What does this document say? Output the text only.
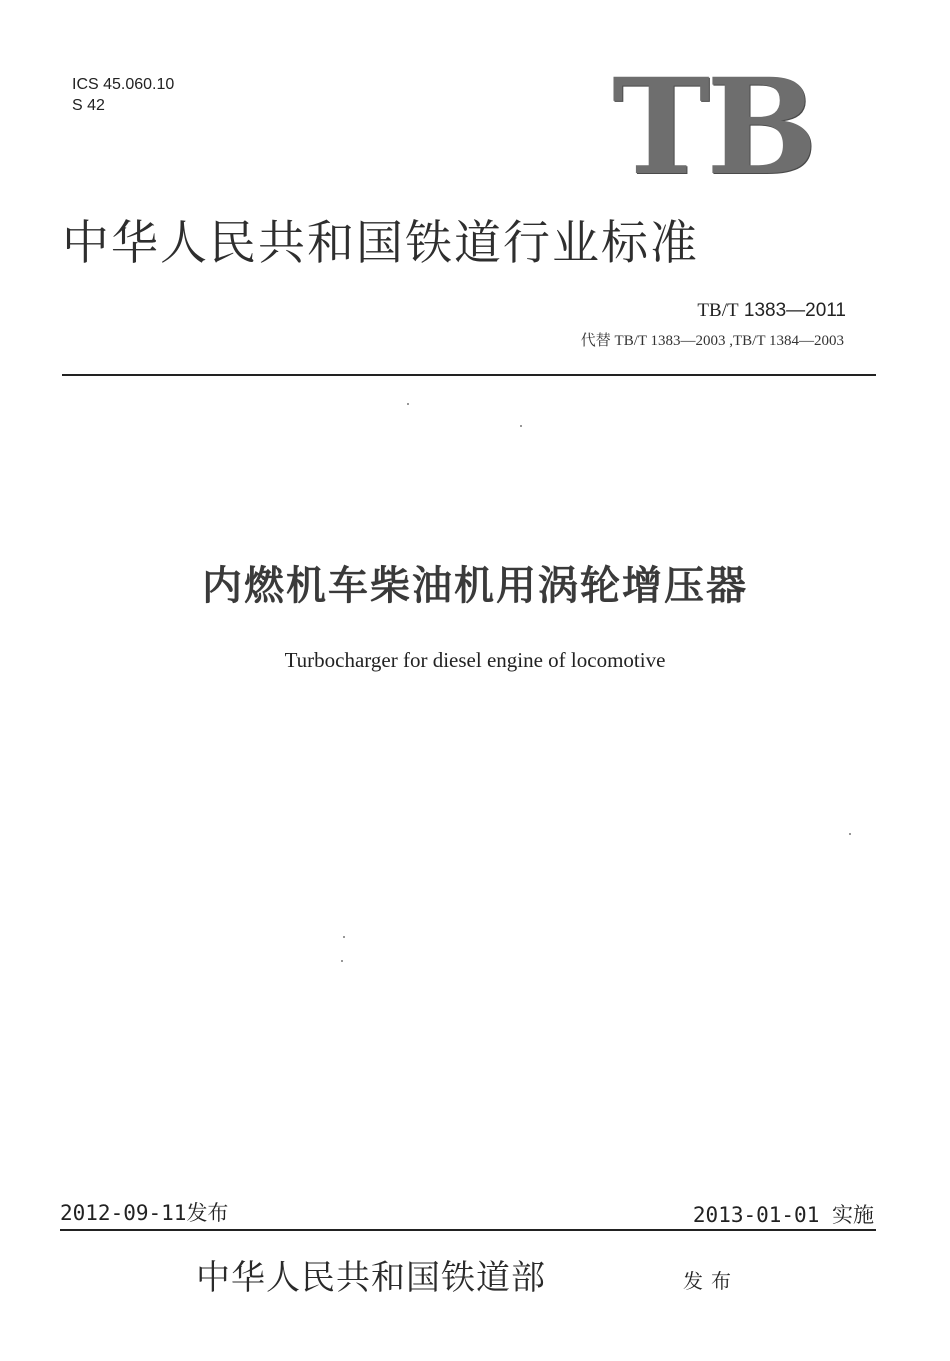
ICS 45.060.10
S 42	TB
中华人民共和国铁道行业标准
TB/T 1383—2011
代替 TB/T 1383—2003 ,TB/T 1384—2003
内燃机车柴油机用涡轮增压器
Turbocharger for diesel engine of locomotive
2012-09-11发布	2013-01-01 实施
中华人民共和国铁道部	发布
